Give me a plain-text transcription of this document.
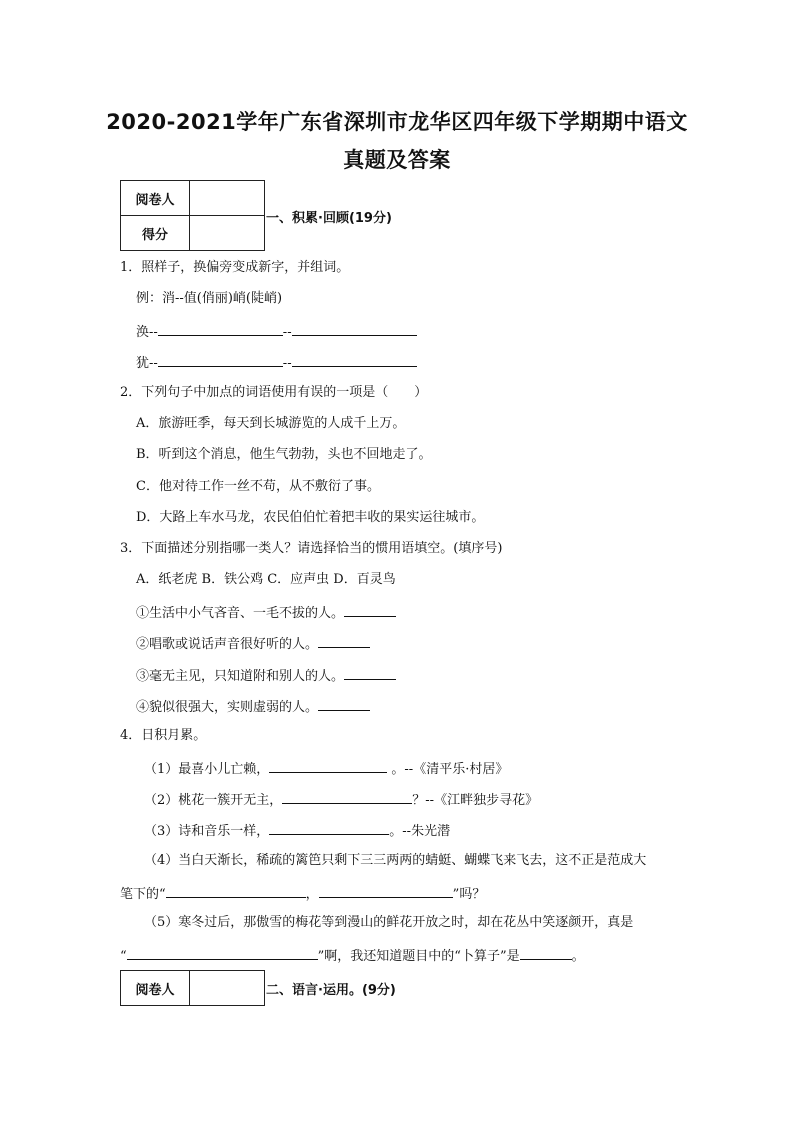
2020-2021学年广东省深圳市龙华区四年级下学期期中语文
真题及答案
阅卷人	
得分	
一、积累·回顾(19分)
1．照样子，换偏旁变成新字，并组词。
例：消--值(俏丽)峭(陡峭)
涣--	--
犹--	--
2．下列句子中加点的词语使用有误的一项是（　　）
A．旅游旺季，每天到长城游览的人成千上万。
B．听到这个消息，他生气勃勃，头也不回地走了。
C．他对待工作一丝不苟，从不敷衍了事。
D．大路上车水马龙，农民伯伯忙着把丰收的果实运往城市。
3．下面描述分别指哪一类人？请选择恰当的惯用语填空。(填序号)
A．纸老虎 B．铁公鸡 C．应声虫 D．百灵鸟
①生活中小气吝音、一毛不拔的人。
②唱歌或说话声音很好听的人。
③毫无主见，只知道附和别人的人。
④貌似很强大，实则虚弱的人。
4．日积月累。
（1）最喜小儿亡赖，	。--《清平乐·村居》
（2）桃花一簇开无主，	？--《江畔独步寻花》
（3）诗和音乐一样，	。--朱光潜
（4）当白天渐长，稀疏的篱笆只剩下三三两两的蜻蜓、蝴蝶飞来飞去，这不正是范成大
笔下的“	，	”吗？
（5）寒冬过后，那傲雪的梅花等到漫山的鲜花开放之时，却在花丛中笑逐颜开，真是
“	”啊，我还知道题目中的“卜算子”是	。
阅卷人		二、语言·运用。(9分)
